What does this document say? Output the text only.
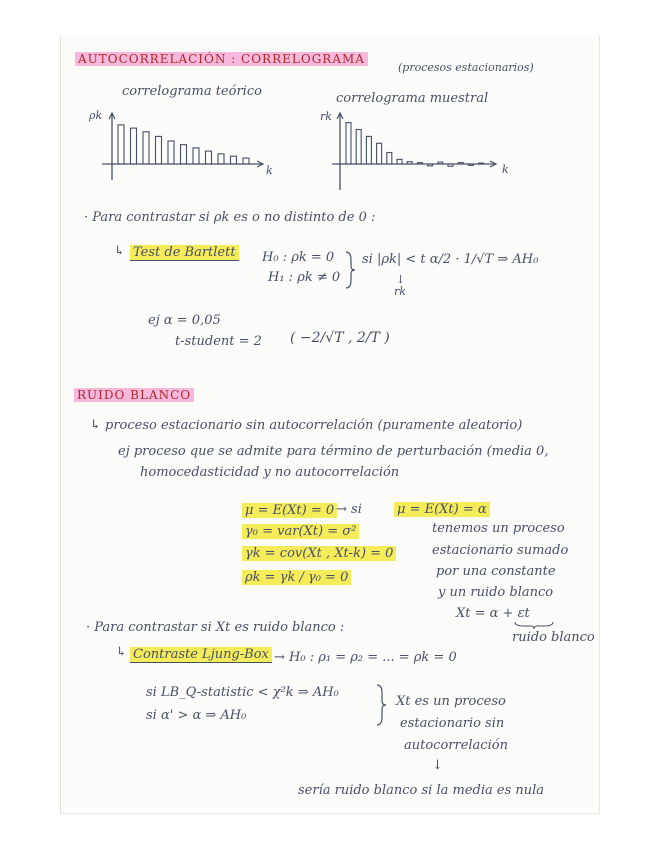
AUTOCORRELACIÓN : CORRELOGRAMA
(procesos estacionarios)
correlograma teórico	correlograma muestral
ρk
k
rk
k
· Para contrastar si ρk es o no distinto de 0 :
↳ Test de Bartlett H₀ : ρk = 0
H₁ : ρk ≠ 0
si |ρk| < t α/2 · 1/√T ⇒ AH₀
↓
rk
ej α = 0,05
t-student = 2 ( −2/√T , 2/T )
RUIDO BLANCO
↳ proceso estacionario sin autocorrelación (puramente aleatorio)
ej proceso que se admite para término de perturbación (media 0,
homocedasticidad y no autocorrelación
μ = E(Xt) = 0 → si	μ = E(Xt) = α
γ₀ = var(Xt) = σ²
γk = cov(Xt , Xt-k) = 0
ρk = γk / γ₀ = 0
tenemos un proceso
estacionario sumado
por una constante
y un ruido blanco
Xt = α + εt
ruido blanco
· Para contrastar si Xt es ruido blanco :
↳ Contraste Ljung-Box → H₀ : ρ₁ = ρ₂ = ... = ρk = 0
si LB_Q-statistic < χ²k ⇒ AH₀
si α' > α ⇒ AH₀
Xt es un proceso
estacionario sin
autocorrelación
↓
sería ruido blanco si la media es nula
